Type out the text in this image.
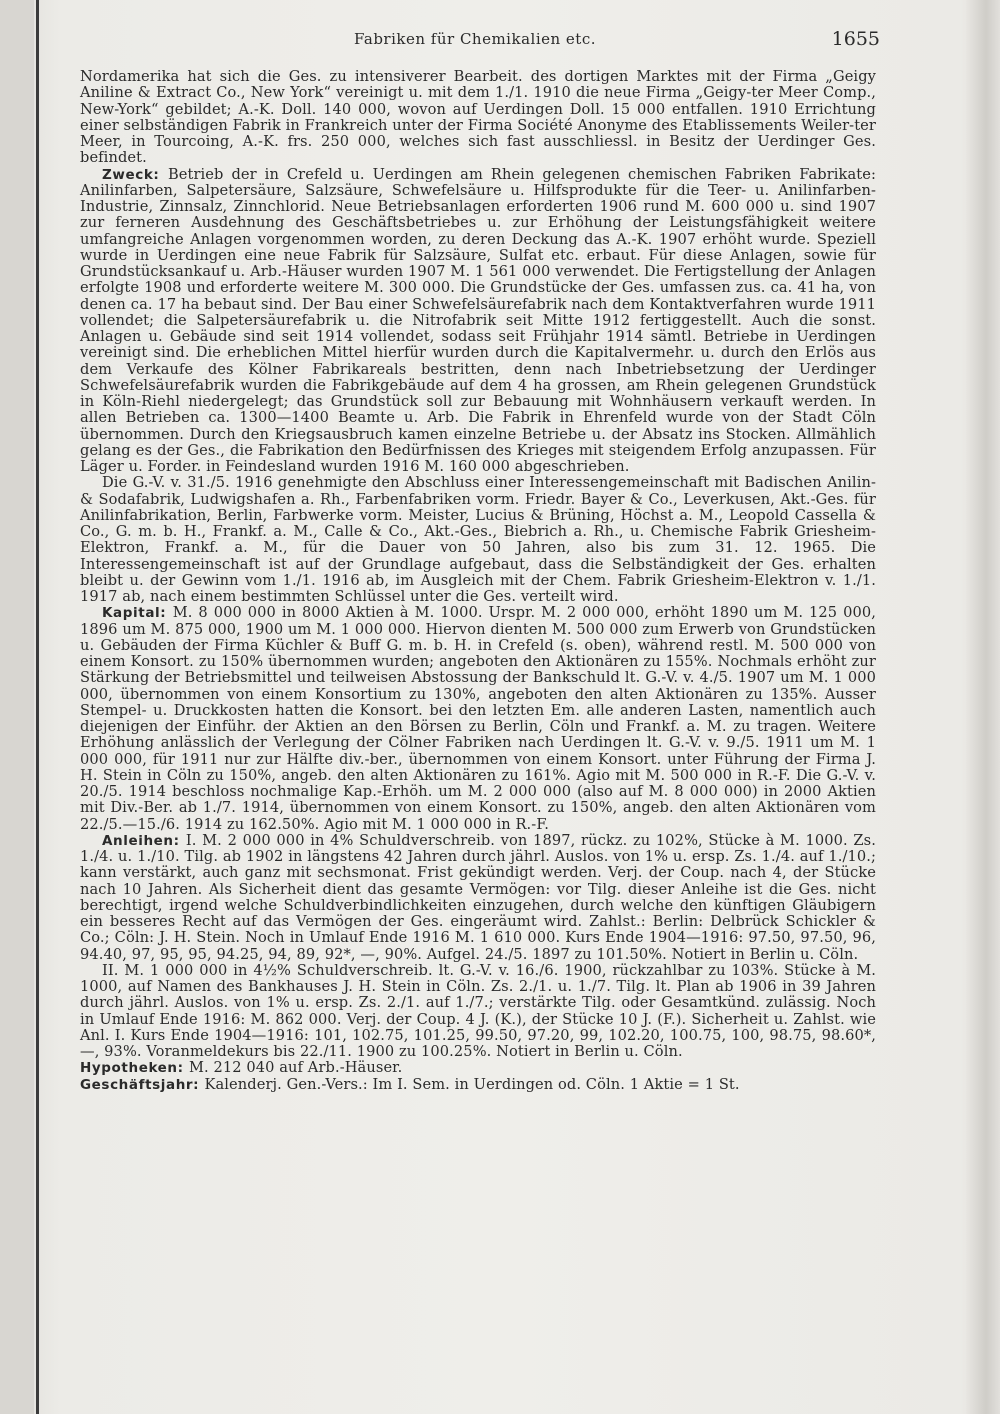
Fabriken für Chemikalien etc.	1655

Nordamerika hat sich die Ges. zu intensiverer Bearbeit. des dortigen Marktes mit der Firma „Geigy Aniline & Extract Co., New York“ vereinigt u. mit dem 1./1. 1910 die neue Firma „Geigy-ter Meer Comp., New-York“ gebildet; A.-K. Doll. 140 000, wovon auf Uerdingen Doll. 15 000 entfallen. 1910 Errichtung einer selbständigen Fabrik in Frankreich unter der Firma Société Anonyme des Etablissements Weiler-ter Meer, in Tourcoing, A.-K. frs. 250 000, welches sich fast ausschliessl. in Besitz der Uerdinger Ges. befindet.

Zweck: Betrieb der in Crefeld u. Uerdingen am Rhein gelegenen chemischen Fabriken Fabrikate: Anilinfarben, Salpetersäure, Salzsäure, Schwefelsäure u. Hilfsprodukte für die Teer- u. Anilinfarben-Industrie, Zinnsalz, Zinnchlorid. Neue Betriebsanlagen erforderten 1906 rund M. 600 000 u. sind 1907 zur ferneren Ausdehnung des Geschäftsbetriebes u. zur Erhöhung der Leistungsfähigkeit weitere umfangreiche Anlagen vorgenommen worden, zu deren Deckung das A.-K. 1907 erhöht wurde. Speziell wurde in Uerdingen eine neue Fabrik für Salzsäure, Sulfat etc. erbaut. Für diese Anlagen, sowie für Grundstücksankauf u. Arb.-Häuser wurden 1907 M. 1 561 000 verwendet. Die Fertigstellung der Anlagen erfolgte 1908 und erforderte weitere M. 300 000. Die Grundstücke der Ges. umfassen zus. ca. 41 ha, von denen ca. 17 ha bebaut sind. Der Bau einer Schwefelsäurefabrik nach dem Kontaktverfahren wurde 1911 vollendet; die Salpetersäurefabrik u. die Nitrofabrik seit Mitte 1912 fertiggestellt. Auch die sonst. Anlagen u. Gebäude sind seit 1914 vollendet, sodass seit Frühjahr 1914 sämtl. Betriebe in Uerdingen vereinigt sind. Die erheblichen Mittel hierfür wurden durch die Kapitalvermehr. u. durch den Erlös aus dem Verkaufe des Kölner Fabrikareals bestritten, denn nach Inbetriebsetzung der Uerdinger Schwefelsäurefabrik wurden die Fabrikgebäude auf dem 4 ha grossen, am Rhein gelegenen Grundstück in Köln-Riehl niedergelegt; das Grundstück soll zur Bebauung mit Wohnhäusern verkauft werden. In allen Betrieben ca. 1300—1400 Beamte u. Arb. Die Fabrik in Ehrenfeld wurde von der Stadt Cöln übernommen. Durch den Kriegsausbruch kamen einzelne Betriebe u. der Absatz ins Stocken. Allmählich gelang es der Ges., die Fabrikation den Bedürfnissen des Krieges mit steigendem Erfolg anzupassen. Für Läger u. Forder. in Feindesland wurden 1916 M. 160 000 abgeschrieben.

Die G.-V. v. 31./5. 1916 genehmigte den Abschluss einer Interessengemeinschaft mit Badischen Anilin- & Sodafabrik, Ludwigshafen a. Rh., Farbenfabriken vorm. Friedr. Bayer & Co., Leverkusen, Akt.-Ges. für Anilinfabrikation, Berlin, Farbwerke vorm. Meister, Lucius & Brüning, Höchst a. M., Leopold Cassella & Co., G. m. b. H., Frankf. a. M., Calle & Co., Akt.-Ges., Biebrich a. Rh., u. Chemische Fabrik Griesheim-Elektron, Frankf. a. M., für die Dauer von 50 Jahren, also bis zum 31. 12. 1965. Die Interessengemeinschaft ist auf der Grundlage aufgebaut, dass die Selbständigkeit der Ges. erhalten bleibt u. der Gewinn vom 1./1. 1916 ab, im Ausgleich mit der Chem. Fabrik Griesheim-Elektron v. 1./1. 1917 ab, nach einem bestimmten Schlüssel unter die Ges. verteilt wird.

Kapital: M. 8 000 000 in 8000 Aktien à M. 1000. Urspr. M. 2 000 000, erhöht 1890 um M. 125 000, 1896 um M. 875 000, 1900 um M. 1 000 000. Hiervon dienten M. 500 000 zum Erwerb von Grundstücken u. Gebäuden der Firma Küchler & Buff G. m. b. H. in Crefeld (s. oben), während restl. M. 500 000 von einem Konsort. zu 150% übernommen wurden; angeboten den Aktionären zu 155%. Nochmals erhöht zur Stärkung der Betriebsmittel und teilweisen Abstossung der Bankschuld lt. G.-V. v. 4./5. 1907 um M. 1 000 000, übernommen von einem Konsortium zu 130%, angeboten den alten Aktionären zu 135%. Ausser Stempel- u. Druckkosten hatten die Konsort. bei den letzten Em. alle anderen Lasten, namentlich auch diejenigen der Einführ. der Aktien an den Börsen zu Berlin, Cöln und Frankf. a. M. zu tragen. Weitere Erhöhung anlässlich der Verlegung der Cölner Fabriken nach Uerdingen lt. G.-V. v. 9./5. 1911 um M. 1 000 000, für 1911 nur zur Hälfte div.-ber., übernommen von einem Konsort. unter Führung der Firma J. H. Stein in Cöln zu 150%, angeb. den alten Aktionären zu 161%. Agio mit M. 500 000 in R.-F. Die G.-V. v. 20./5. 1914 beschloss nochmalige Kap.-Erhöh. um M. 2 000 000 (also auf M. 8 000 000) in 2000 Aktien mit Div.-Ber. ab 1./7. 1914, übernommen von einem Konsort. zu 150%, angeb. den alten Aktionären vom 22./5.—15./6. 1914 zu 162.50%. Agio mit M. 1 000 000 in R.-F.

Anleihen: I. M. 2 000 000 in 4% Schuldverschreib. von 1897, rückz. zu 102%, Stücke à M. 1000. Zs. 1./4. u. 1./10. Tilg. ab 1902 in längstens 42 Jahren durch jährl. Auslos. von 1% u. ersp. Zs. 1./4. auf 1./10.; kann verstärkt, auch ganz mit sechsmonat. Frist gekündigt werden. Verj. der Coup. nach 4, der Stücke nach 10 Jahren. Als Sicherheit dient das gesamte Vermögen: vor Tilg. dieser Anleihe ist die Ges. nicht berechtigt, irgend welche Schuldverbindlichkeiten einzugehen, durch welche den künftigen Gläubigern ein besseres Recht auf das Vermögen der Ges. eingeräumt wird. Zahlst.: Berlin: Delbrück Schickler & Co.; Cöln: J. H. Stein. Noch in Umlauf Ende 1916 M. 1 610 000. Kurs Ende 1904—1916: 97.50, 97.50, 96, 94.40, 97, 95, 95, 94.25, 94, 89, 92*, —, 90%. Aufgel. 24./5. 1897 zu 101.50%. Notiert in Berlin u. Cöln.

II. M. 1 000 000 in 4½% Schuldverschreib. lt. G.-V. v. 16./6. 1900, rückzahlbar zu 103%. Stücke à M. 1000, auf Namen des Bankhauses J. H. Stein in Cöln. Zs. 2./1. u. 1./7. Tilg. lt. Plan ab 1906 in 39 Jahren durch jährl. Auslos. von 1% u. ersp. Zs. 2./1. auf 1./7.; verstärkte Tilg. oder Gesamtkünd. zulässig. Noch in Umlauf Ende 1916: M. 862 000. Verj. der Coup. 4 J. (K.), der Stücke 10 J. (F.). Sicherheit u. Zahlst. wie Anl. I. Kurs Ende 1904—1916: 101, 102.75, 101.25, 99.50, 97.20, 99, 102.20, 100.75, 100, 98.75, 98.60*, —, 93%. Voranmeldekurs bis 22./11. 1900 zu 100.25%. Notiert in Berlin u. Cöln.

Hypotheken: M. 212 040 auf Arb.-Häuser.

Geschäftsjahr: Kalenderj. Gen.-Vers.: Im I. Sem. in Uerdingen od. Cöln. 1 Aktie = 1 St.
